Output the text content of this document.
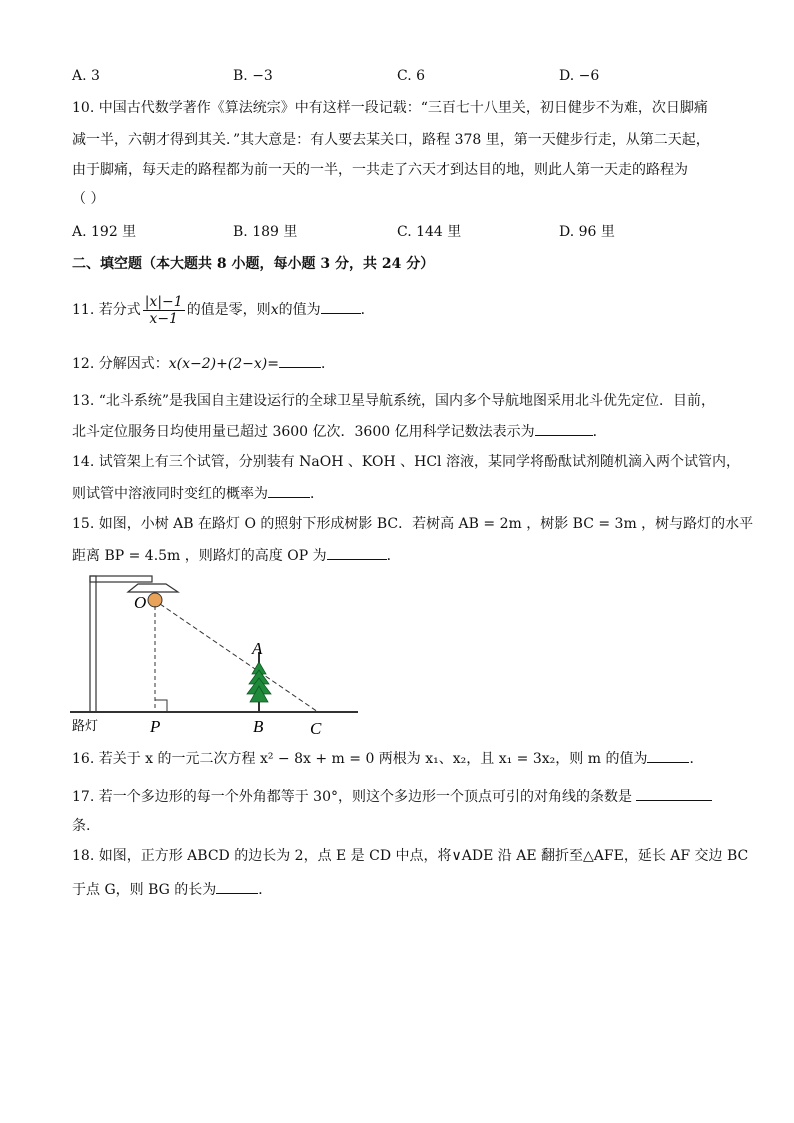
A. 3	B. −3	C. 6	D. −6
10. 中国古代数学著作《算法统宗》中有这样一段记载：“三百七十八里关，初日健步不为难，次日脚痛
减一半，六朝才得到其关．”其大意是：有人要去某关口，路程 378 里，第一天健步行走，从第二天起，
由于脚痛，每天走的路程都为前一天的一半，一共走了六天才到达目的地，则此人第一天走的路程为
（ ）
A. 192 里	B. 189 里	C. 144 里	D. 96 里
二、填空题（本大题共 8 小题，每小题 3 分，共 24 分）
11. 若分式 $\frac{|x|-1}{x-1}$ 的值是零，则x的值为	．
12. 分解因式：x(x−2)+(2−x)=	．
13. “北斗系统”是我国自主建设运行的全球卫星导航系统，国内多个导航地图采用北斗优先定位．目前，
北斗定位服务日均使用量已超过 3600 亿次．3600 亿用科学记数法表示为	．
14. 试管架上有三个试管，分别装有 NaOH 、KOH 、HCl 溶液，某同学将酚酞试剂随机滴入两个试管内，
则试管中溶液同时变红的概率为	．
15. 如图，小树 AB 在路灯 O 的照射下形成树影 BC．若树高 AB = 2m ，树影 BC = 3m ，树与路灯的水平
距离 BP = 4.5m ，则路灯的高度 OP 为	．
O
A
P	B	C
路灯
16. 若关于 x 的一元二次方程 x² − 8x + m = 0 两根为 x₁、x₂，且 x₁ = 3x₂，则 m 的值为	．
17. 若一个多边形的每一个外角都等于 30°，则这个多边形一个顶点可引的对角线的条数是
条.
18. 如图，正方形 ABCD 的边长为 2，点 E 是 CD 中点，将∨ADE 沿 AE 翻折至△AFE，延长 AF 交边 BC
于点 G，则 BG 的长为	．
